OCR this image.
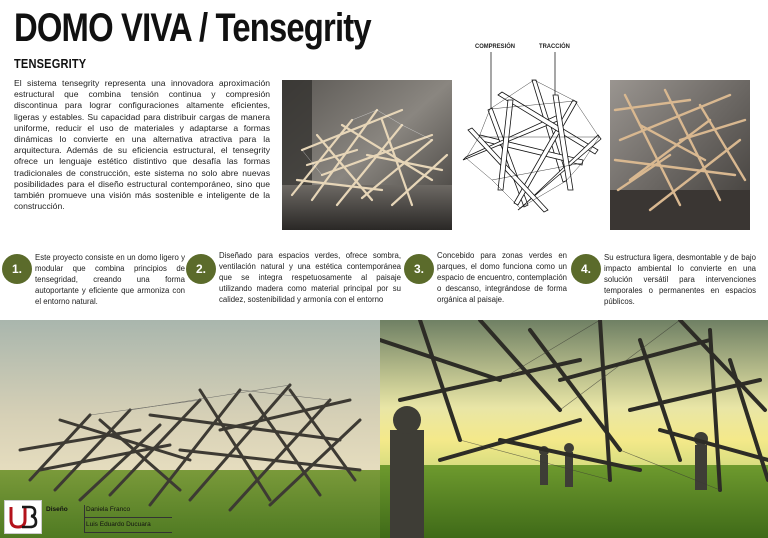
DOMO VIVA / Tensegrity
TENSEGRITY

El sistema tensegrity representa una innovadora aproximación estructural que combina tensión continua y compresión discontinua para lograr configuraciones altamente eficientes, ligeras y estables. Su capacidad para distribuir cargas de manera uniforme, reducir el uso de materiales y adaptarse a formas dinámicas lo convierte en una alternativa atractiva para la arquitectura. Además de su eficiencia estructural, el tensegrity ofrece un lenguaje estético distintivo que desafía las formas tradicionales de construcción, este sistema no solo abre nuevas posibilidades para el diseño estructural contemporáneo, sino que también promueve una visión más sostenible e inteligente de la construcción.

COMPRESIÓN	TRACCIÓN
1.

Este proyecto consiste en un domo ligero y modular que combina principios de tensegridad, creando una forma autoportante y eficiente que armoniza con el entorno natural.

2.

Diseñado para espacios verdes, ofrece sombra, ventilación natural y una estética contemporánea que se integra respetuosamente al paisaje utilizando madera como material principal por su calidez, sostenibilidad y armonía con el entorno

3.

Concebido para zonas verdes en parques, el domo funciona como un espacio de encuentro, contemplación o descanso, integrándose de forma orgánica al paisaje.

4.

Su estructura ligera, desmontable y de bajo impacto ambiental lo convierte en una solución versátil para intervenciones temporales o permanentes en espacios públicos.

Diseño	Daniela Franco
Luis Eduardo Ducuara
